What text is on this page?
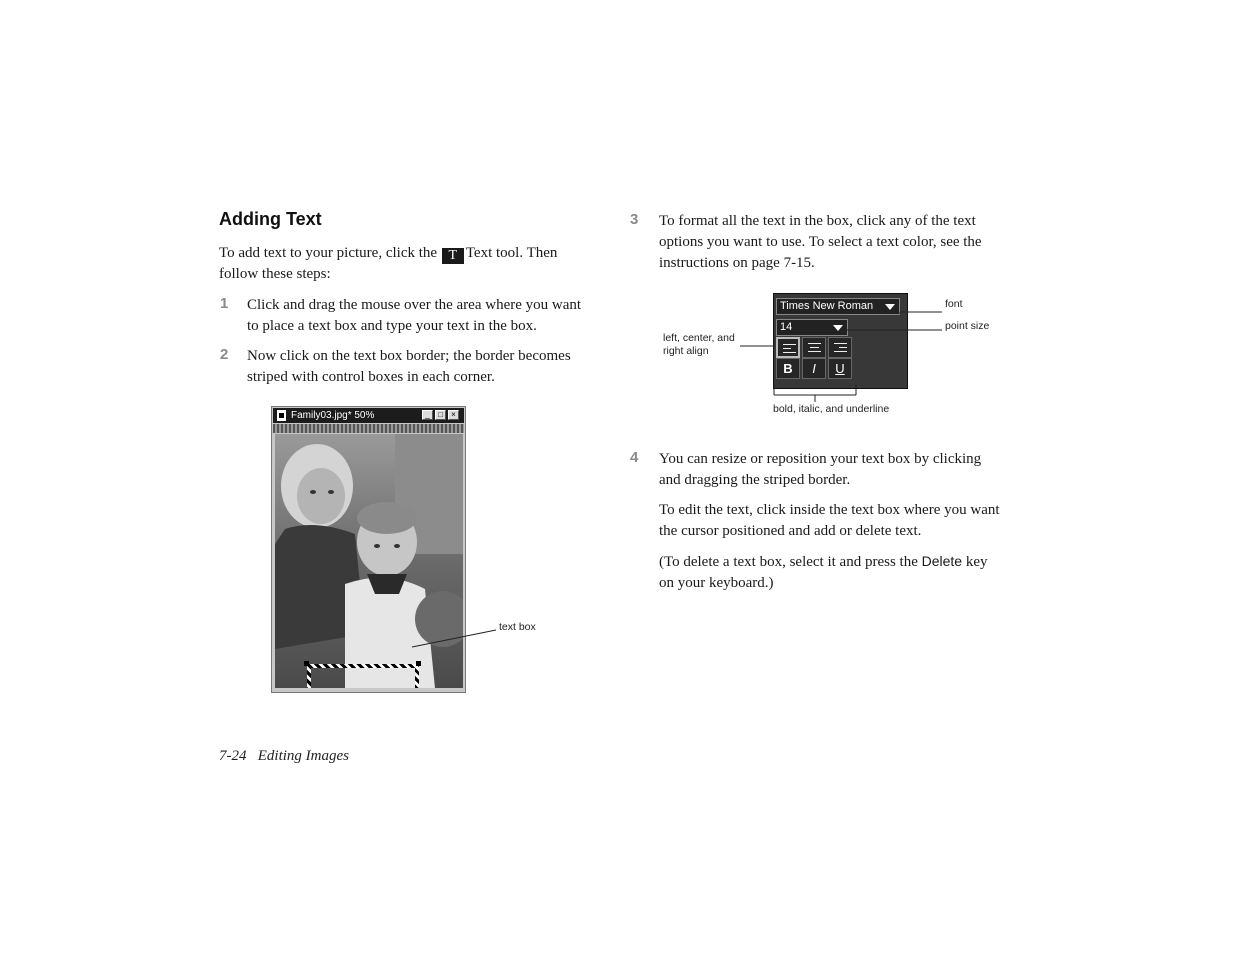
Adding Text
To add text to your picture, click the T Text tool. Then
follow these steps:
1 Click and drag the mouse over the area where you want
to place a text box and type your text in the box.
2 Now click on the text box border; the border becomes
striped with control boxes in each corner.
Family03.jpg* 50%	_	□	×
text box
3 To format all the text in the box, click any of the text
options you want to use. To select a text color, see the
instructions on page 7-15.
Times New Roman
14
B	I	U
font
point size
left, center, and
right align
bold, italic, and underline
4 You can resize or reposition your text box by clicking
and dragging the striped border.
To edit the text, click inside the text box where you want
the cursor positioned and add or delete text.
(To delete a text box, select it and press the Delete key
on your keyboard.)
7-24   Editing Images
